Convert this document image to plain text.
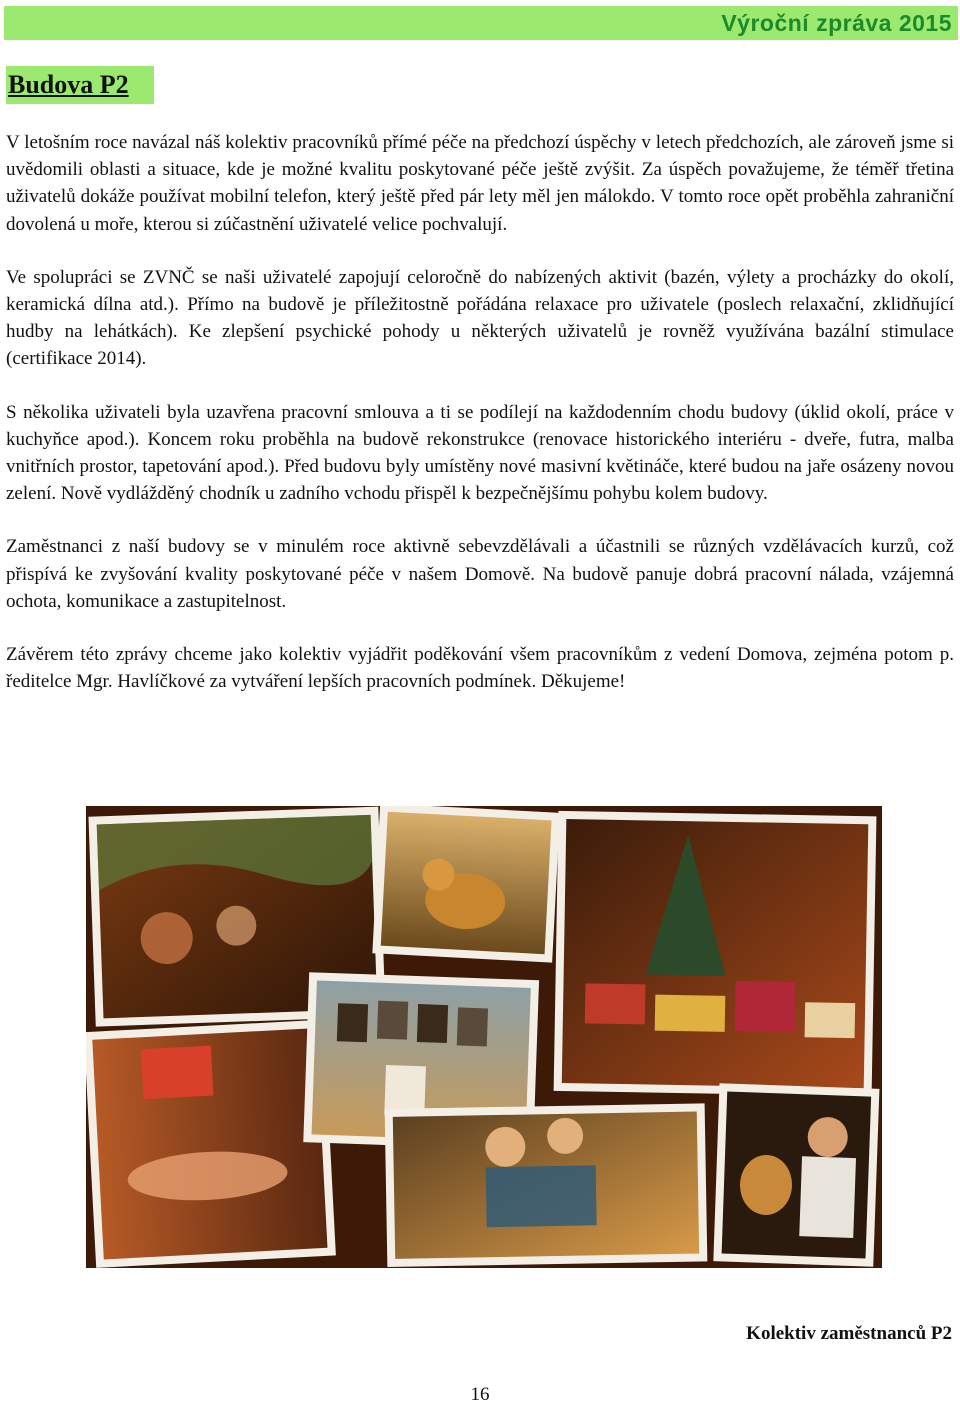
Výroční zpráva 2015
Budova P2

V letošním roce navázal náš kolektiv pracovníků přímé péče na předchozí úspěchy v letech předchozích, ale zároveň jsme si uvědomili oblasti a situace, kde je možné kvalitu poskytované péče ještě zvýšit. Za úspěch považujeme, že téměř třetina uživatelů dokáže používat mobilní telefon, který ještě před pár lety měl jen málokdo. V tomto roce opět proběhla zahraniční dovolená u moře, kterou si zúčastnění uživatelé velice pochvalují.

Ve spolupráci se ZVNČ se naši uživatelé zapojují celoročně do nabízených aktivit (bazén, výlety a procházky do okolí, keramická dílna atd.). Přímo na budově je příležitostně pořádána relaxace pro uživatele (poslech relaxační, zklidňující hudby na lehátkách). Ke zlepšení psychické pohody u některých uživatelů je rovněž využívána bazální stimulace (certifikace 2014).

S několika uživateli byla uzavřena pracovní smlouva a ti se podílejí na každodenním chodu budovy (úklid okolí, práce v kuchyňce apod.). Koncem roku proběhla na budově rekonstrukce (renovace historického interiéru - dveře, futra, malba vnitřních prostor, tapetování apod.). Před budovu byly umístěny nové masivní květináče, které budou na jaře osázeny novou zelení. Nově vydlážděný chodník u zadního vchodu přispěl k bezpečnějšímu pohybu kolem budovy.

Zaměstnanci z naší budovy se v minulém roce aktivně sebevzdělávali a účastnili se různých vzdělávacích kurzů, což přispívá ke zvyšování kvality poskytované péče v našem Domově. Na budově panuje dobrá pracovní nálada, vzájemná ochota, komunikace a zastupitelnost.

Závěrem této zprávy chceme jako kolektiv vyjádřit poděkování všem pracovníkům z vedení Domova, zejména potom p. ředitelce Mgr. Havlíčkové za vytváření lepších pracovních podmínek. Děkujeme!

Kolektiv zaměstnanců P2
16
